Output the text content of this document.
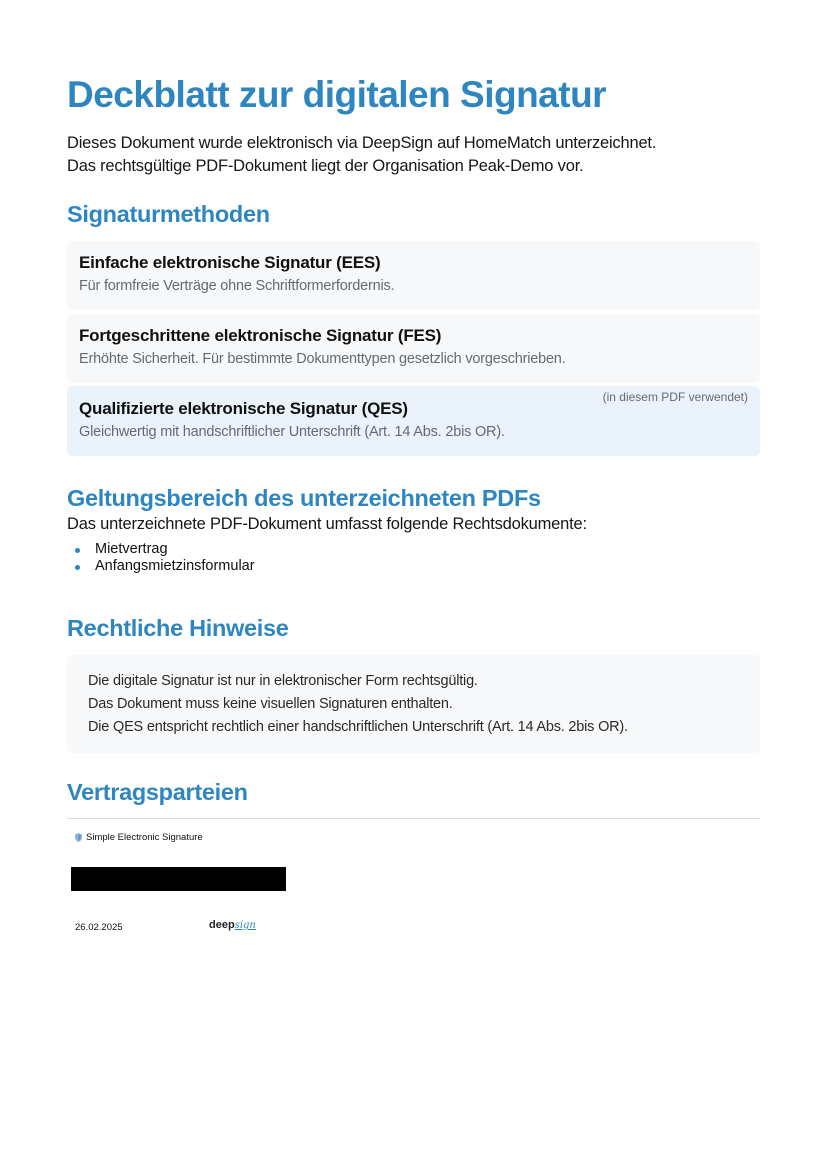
Deckblatt zur digitalen Signatur
Dieses Dokument wurde elektronisch via DeepSign auf HomeMatch unterzeichnet.
Das rechtsgültige PDF-Dokument liegt der Organisation Peak-Demo vor.
Signaturmethoden
Einfache elektronische Signatur (EES)
Für formfreie Verträge ohne Schriftformerfordernis.
Fortgeschrittene elektronische Signatur (FES)
Erhöhte Sicherheit. Für bestimmte Dokumenttypen gesetzlich vorgeschrieben.
(in diesem PDF verwendet)
Qualifizierte elektronische Signatur (QES)
Gleichwertig mit handschriftlicher Unterschrift (Art. 14 Abs. 2bis OR).
Geltungsbereich des unterzeichneten PDFs
Das unterzeichnete PDF-Dokument umfasst folgende Rechtsdokumente:
Mietvertrag
Anfangsmietzinsformular
Rechtliche Hinweise
Die digitale Signatur ist nur in elektronischer Form rechtsgültig.
Das Dokument muss keine visuellen Signaturen enthalten.
Die QES entspricht rechtlich einer handschriftlichen Unterschrift (Art. 14 Abs. 2bis OR).
Vertragsparteien
Simple Electronic Signature
26.02.2025	deep sign
